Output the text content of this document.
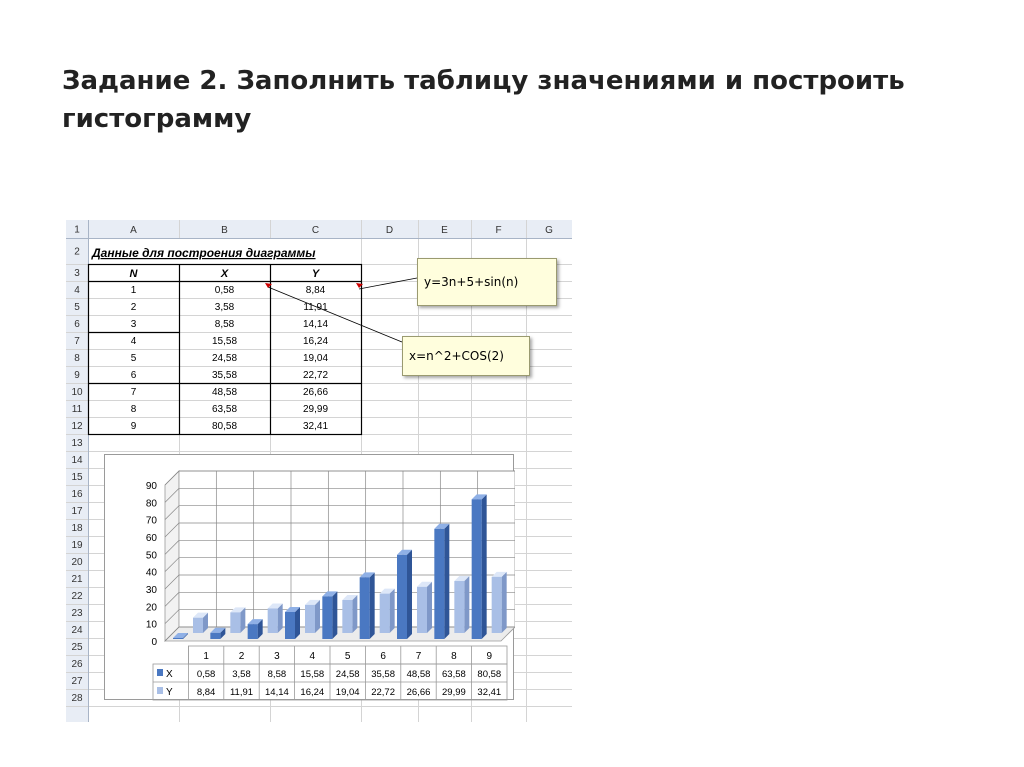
Задание 2. Заполнить таблицу значениями и построить
гистограмму
A	B	C	D	E	F	G
1
2
3
4
5
6
7
8
9
10
11
12
13
14
15
16
17
18
19
20
21
22
23
24
25
26
27
28
Данные для построения диаграммы
N	X	Y
1	0,58	8,84
2	3,58	11,91
3	8,58	14,14
4	15,58	16,24
5	24,58	19,04
6	35,58	22,72
7	48,58	26,66
8	63,58	29,99
9	80,58	32,41
y=3n+5+sin(n)
x=n^2+COS(2)
0
10
20
30
40
50
60
70
80
90
1	2	3	4	5	6	7	8	9
X	0,58 3,58 8,58 15,58 24,58 35,58 48,58 63,58 80,58
Y	8,84 11,91 14,14 16,24 19,04 22,72 26,66 29,99 32,41
